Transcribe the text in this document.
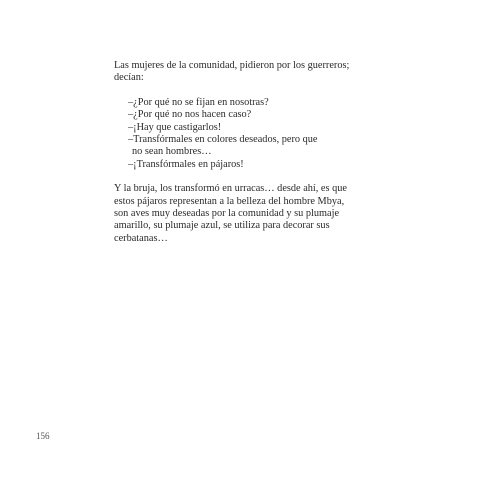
Las mujeres de la comunidad, pidieron por los guerreros;
decían:

–¿Por qué no se fijan en nosotras?
–¿Por qué no nos hacen caso?
–¡Hay que castigarlos!
–Transfórmales en colores deseados, pero que
no sean hombres…
–¡Transfórmales en pájaros!

Y la bruja, los transformó en urracas… desde ahí, es que
estos pájaros representan a la belleza del hombre Mbya,
son aves muy deseadas por la comunidad y su plumaje
amarillo, su plumaje azul, se utiliza para decorar sus
cerbatanas…

156
